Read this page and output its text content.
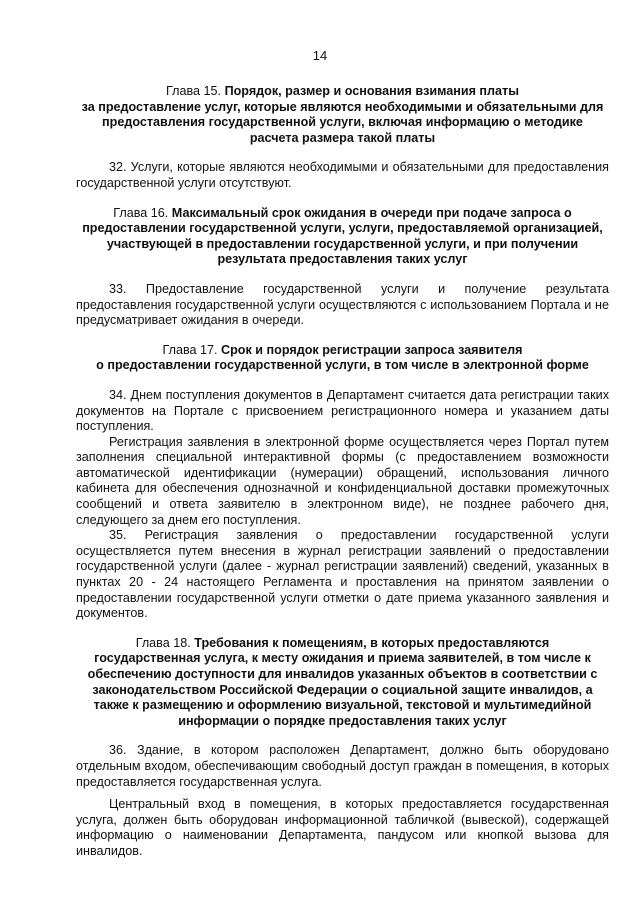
14

Глава 15. Порядок, размер и основания взимания платы
за предоставление услуг, которые являются необходимыми и обязательными для предоставления государственной услуги, включая информацию о методике расчета размера такой платы

32. Услуги, которые являются необходимыми и обязательными для предоставления государственной услуги отсутствуют.

Глава 16. Максимальный срок ожидания в очереди при подаче запроса о
предоставлении государственной услуги, услуги, предоставляемой организацией, участвующей в предоставлении государственной услуги, и при получении результата предоставления таких услуг

33. Предоставление государственной услуги и получение результата предоставления государственной услуги осуществляются с использованием Портала и не предусматривает ожидания в очереди.

Глава 17. Срок и порядок регистрации запроса заявителя
о предоставлении государственной услуги, в том числе в электронной форме

34. Днем поступления документов в Департамент считается дата регистрации таких документов на Портале с присвоением регистрационного номера и указанием даты поступления.

Регистрация заявления в электронной форме осуществляется через Портал путем заполнения специальной интерактивной формы (с предоставлением возможности автоматической идентификации (нумерации) обращений, использования личного кабинета для обеспечения однозначной и конфиденциальной доставки промежуточных сообщений и ответа заявителю в электронном виде), не позднее рабочего дня, следующего за днем его поступления.

35. Регистрация заявления о предоставлении государственной услуги осуществляется путем внесения в журнал регистрации заявлений о предоставлении государственной услуги (далее - журнал регистрации заявлений) сведений, указанных в пунктах 20 - 24 настоящего Регламента и проставления на принятом заявлении о предоставлении государственной услуги отметки о дате приема указанного заявления и документов.

Глава 18. Требования к помещениям, в которых предоставляются
государственная услуга, к месту ожидания и приема заявителей, в том числе к обеспечению доступности для инвалидов указанных объектов в соответствии с законодательством Российской Федерации о социальной защите инвалидов, а также к размещению и оформлению визуальной, текстовой и мультимедийной информации о порядке предоставления таких услуг

36. Здание, в котором расположен Департамент, должно быть оборудовано отдельным входом, обеспечивающим свободный доступ граждан в помещения, в которых предоставляется государственная услуга.

Центральный вход в помещения, в которых предоставляется государственная услуга, должен быть оборудован информационной табличкой (вывеской), содержащей информацию о наименовании Департамента, пандусом или кнопкой вызова для инвалидов.
